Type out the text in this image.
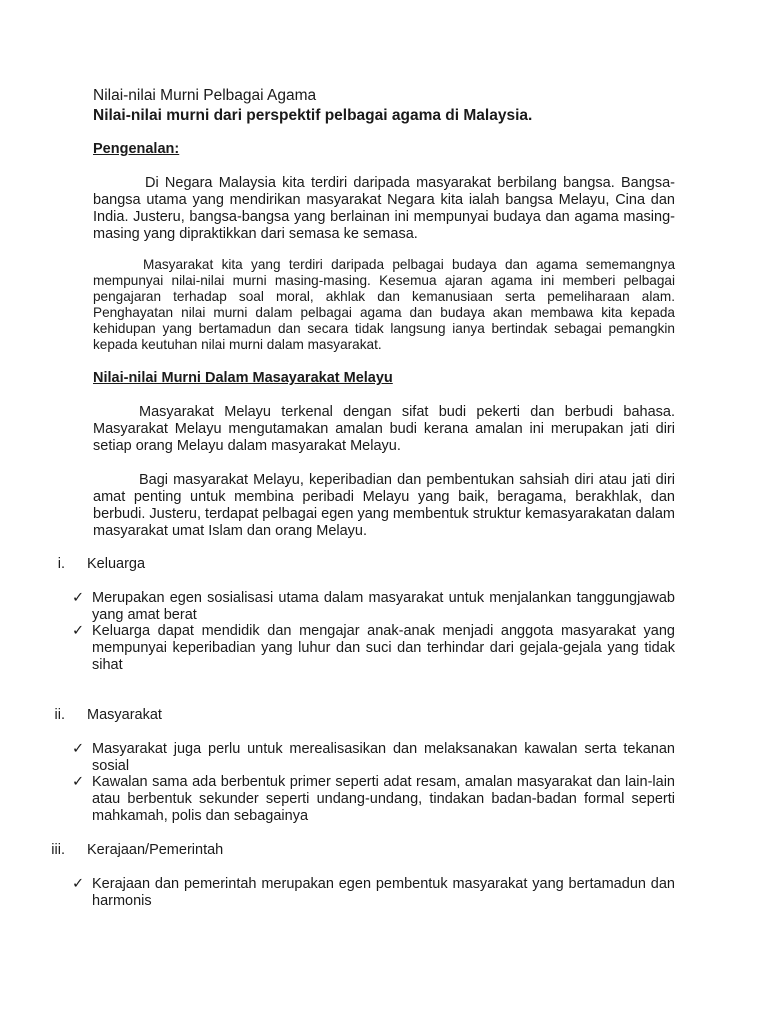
Nilai-nilai Murni Pelbagai Agama

Nilai-nilai murni dari perspektif pelbagai agama di Malaysia.

Pengenalan:

Di Negara Malaysia kita terdiri daripada masyarakat berbilang bangsa. Bangsa-bangsa utama yang mendirikan masyarakat Negara kita ialah bangsa Melayu, Cina dan India. Justeru, bangsa-bangsa yang berlainan ini mempunyai budaya dan agama masing-masing yang dipraktikkan dari semasa ke semasa.

Masyarakat kita yang terdiri daripada pelbagai budaya dan agama sememangnya mempunyai nilai-nilai murni masing-masing. Kesemua ajaran agama ini memberi pelbagai pengajaran terhadap soal moral, akhlak dan kemanusiaan serta pemeliharaan alam. Penghayatan nilai murni dalam pelbagai agama dan budaya akan membawa kita kepada kehidupan yang bertamadun dan secara tidak langsung ianya bertindak sebagai pemangkin kepada keutuhan nilai murni dalam masyarakat.

Nilai-nilai Murni Dalam Masayarakat Melayu

Masyarakat Melayu terkenal dengan sifat budi pekerti dan berbudi bahasa. Masyarakat Melayu mengutamakan amalan budi kerana amalan ini merupakan jati diri setiap orang Melayu dalam masyarakat Melayu.

Bagi masyarakat Melayu, keperibadian dan pembentukan sahsiah diri atau jati diri amat penting untuk membina peribadi Melayu yang baik, beragama, berakhlak, dan berbudi. Justeru, terdapat pelbagai egen yang membentuk struktur kemasyarakatan dalam masyarakat umat Islam dan orang Melayu.

i. Keluarga
✓ Merupakan egen sosialisasi utama dalam masyarakat untuk menjalankan tanggungjawab yang amat berat
✓ Keluarga dapat mendidik dan mengajar anak-anak menjadi anggota masyarakat yang mempunyai keperibadian yang luhur dan suci dan terhindar dari gejala-gejala yang tidak sihat
ii. Masyarakat
✓ Masyarakat juga perlu untuk merealisasikan dan melaksanakan kawalan serta tekanan sosial
✓ Kawalan sama ada berbentuk primer seperti adat resam, amalan masyarakat dan lain-lain atau berbentuk sekunder seperti undang-undang, tindakan badan-badan formal seperti mahkamah, polis dan sebagainya
iii. Kerajaan/Pemerintah
✓ Kerajaan dan pemerintah merupakan egen pembentuk masyarakat yang bertamadun dan harmonis
